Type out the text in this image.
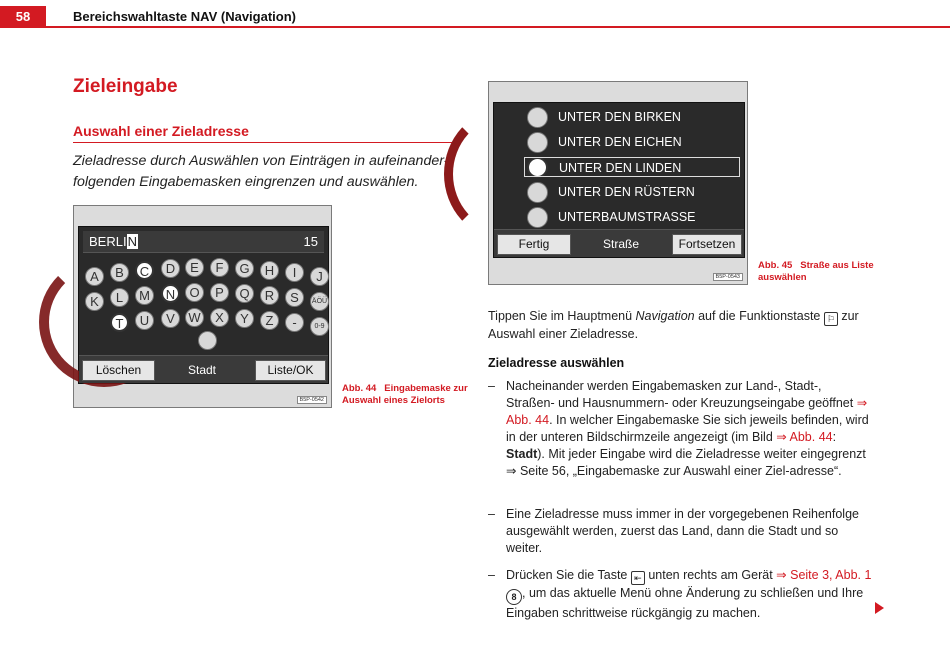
58	Bereichswahltaste NAV (Navigation)
Zieleingabe
Auswahl einer Zieladresse
Zieladresse durch Auswählen von Einträgen in aufeinander-folgenden Eingabemasken eingrenzen und auswählen.
BERLIN	15
A	B	C	D	E	F	G	H	I	J
K	L	M	N	O	P	Q	R	S	ÄÖÜ
T	U	V	W	X	Y	Z	-	0-9
Löschen	Stadt	Liste/OK
B5P-0542
Abb. 44 Eingabemaske zur Auswahl eines Zielorts
UNTER DEN BIRKEN
UNTER DEN EICHEN
UNTER DEN LINDEN
UNTER DEN RÜSTERN
UNTERBAUMSTRASSE
Fertig	Straße	Fortsetzen
B5P-0543
Abb. 45 Straße aus Liste auswählen
Tippen Sie im Hauptmenü Navigation auf die Funktionstaste ⚐ zur Auswahl einer Zieladresse.
Zieladresse auswählen
– Nacheinander werden Eingabemasken zur Land-, Stadt-, Straßen- und Hausnummern- oder Kreuzungseingabe geöffnet ⇒ Abb. 44. In welcher Eingabemaske Sie sich jeweils befinden, wird in der unteren Bildschirmzeile angezeigt (im Bild ⇒ Abb. 44: Stadt). Mit jeder Eingabe wird die Zieladresse weiter eingegrenzt ⇒ Seite 56, „Eingabemaske zur Auswahl einer Ziel-adresse“.
– Eine Zieladresse muss immer in der vorgegebenen Reihenfolge ausgewählt werden, zuerst das Land, dann die Stadt und so weiter.
– Drücken Sie die Taste ⇤ unten rechts am Gerät ⇒ Seite 3, Abb. 1 8 , um das aktuelle Menü ohne Änderung zu schließen und Ihre Eingaben schrittweise rückgängig zu machen.
